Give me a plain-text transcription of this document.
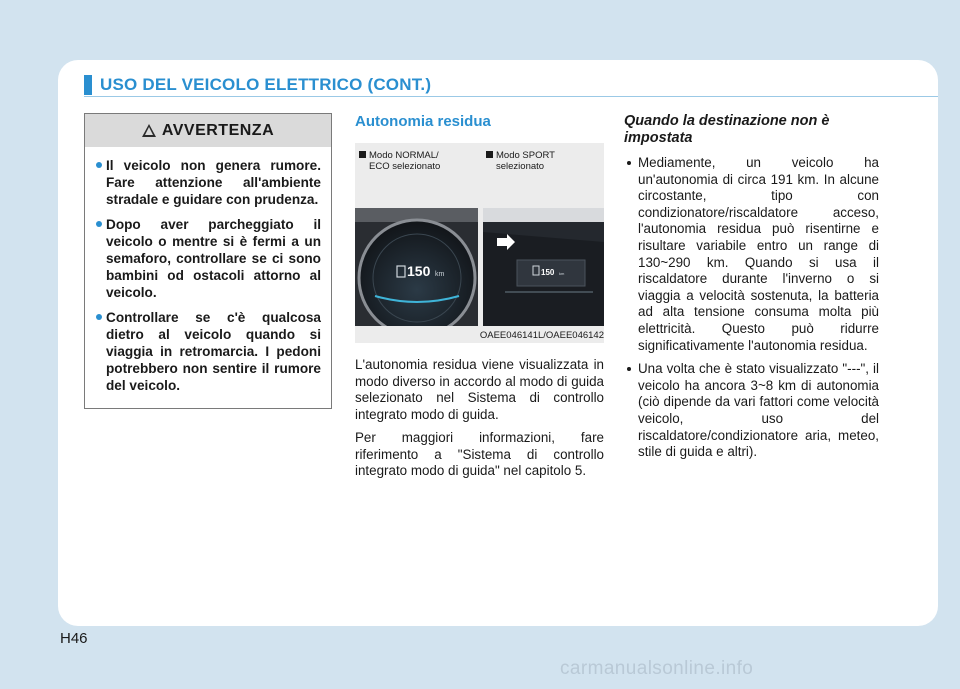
USO DEL VEICOLO ELETTRICO (CONT.)
AVVERTENZA
Il veicolo non genera rumore. Fare attenzione all'ambiente stradale e guidare con prudenza.
Dopo aver parcheggiato il veicolo o mentre si è fermi a un semaforo, controllare se ci sono bambini od ostacoli attorno al veicolo.
Controllare se c'è qualcosa dietro al veicolo quando si viaggia in retromarcia. I pedoni potrebbero non sentire il rumore del veicolo.
Autonomia residua
Modo NORMAL/
ECO selezionato
Modo SPORT
selezionato
150 km	150 km
OAEE046141L/OAEE046142

L'autonomia residua viene visualizzata in modo diverso in accordo al modo di guida selezionato nel Sistema di controllo integrato modo di guida.

Per maggiori informazioni, fare riferimento a "Sistema di controllo integrato modo di guida" nel capitolo 5.

Quando la destinazione non è impostata
Mediamente, un veicolo ha un'autonomia di circa 191 km. In alcune circostante, tipo con condizionatore/riscaldatore acceso, l'autonomia residua può risentirne e risultare variabile entro un range di 130~290 km. Quando si usa il riscaldatore durante l'inverno o si viaggia a velocità sostenuta, la batteria ad alta tensione consuma molta più elettricità. Questo può ridurre significativamente l'autonomia residua.
Una volta che è stato visualizzato "---", il veicolo ha ancora 3~8 km di autonomia (ciò dipende da vari fattori come velocità veicolo, uso del riscaldatore/condizionatore aria, meteo, stile di guida e altri).
H46
carmanualsonline.info
